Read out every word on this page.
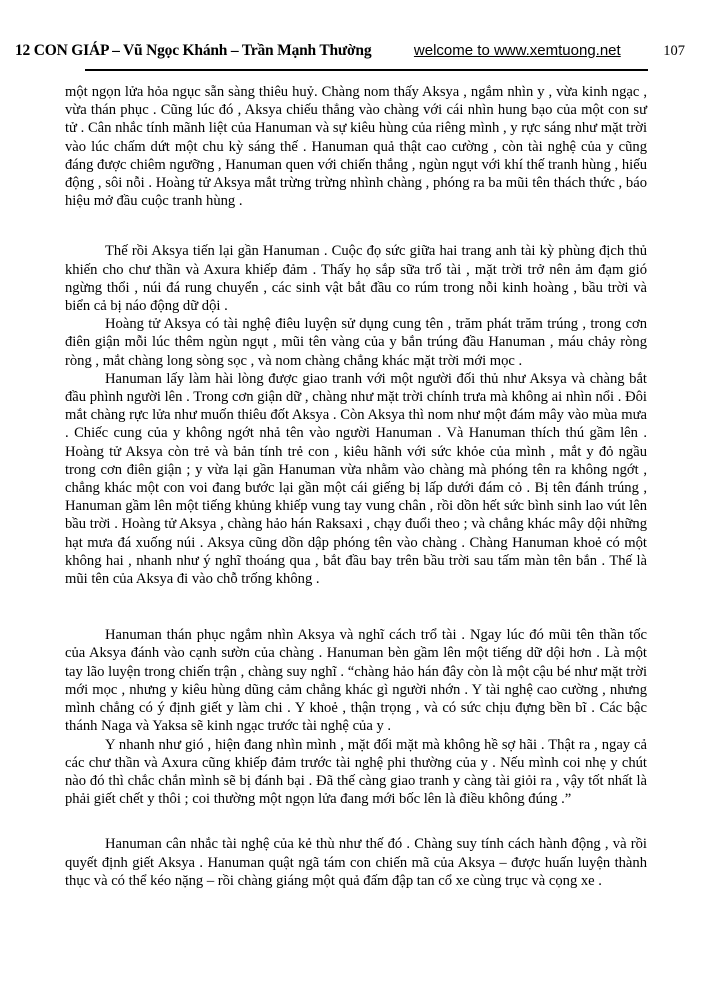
12 CON GIÁP – Vũ Ngọc Khánh – Trần Mạnh Thường	welcome to www.xemtuong.net	107

một ngọn lửa hỏa ngục sẵn sàng thiêu huỷ. Chàng nom thấy Aksya , ngắm nhìn y , vừa kinh ngạc , vừa thán phục . Cũng lúc đó , Aksya chiếu thẳng vào chàng với cái nhìn hung bạo của một con sư tử . Cân nhắc tính mãnh liệt của Hanuman và sự kiêu hùng của riêng mình , y rực sáng như mặt trời vào lúc chấm dứt một chu kỳ sáng thế . Hanuman quả thật cao cường , còn tài nghệ của y cũng đáng được chiêm ngưỡng , Hanuman quen với chiến thắng , ngùn ngụt với khí thế tranh hùng , hiếu động , sôi nỗi . Hoàng tử Aksya mắt trừng trừng nhình chàng , phóng ra ba mũi tên thách thức , báo hiệu mở đầu cuộc tranh hùng .

Thế rồi Aksya tiến lại gần Hanuman . Cuộc đọ sức giữa hai trang anh tài kỳ phùng địch thủ khiến cho chư thần và Axura khiếp đảm . Thấy họ sắp sữa trổ tài , mặt trời trở nên ảm đạm gió ngừng thổi , núi đá rung chuyển , các sinh vật bắt đầu co rúm trong nỗi kinh hoàng , bầu trời và biển cả bị náo động dữ dội .

Hoàng tử Aksya có tài nghệ điêu luyện sử dụng cung tên , trăm phát trăm trúng , trong cơn điên giận mỗi lúc thêm ngùn ngụt , mũi tên vàng của y bắn trúng đầu Hanuman , máu chảy ròng ròng , mắt chàng long sòng sọc , và nom chàng chẳng khác mặt trời mới mọc .

Hanuman lấy làm hài lòng được giao tranh với một người đối thủ như Aksya và chàng bắt đầu phình người lên . Trong cơn giận dữ , chàng như mặt trời chính trưa mà không ai nhìn nổi . Đôi mắt chàng rực lửa như muốn thiêu đốt Aksya . Còn Aksya thì nom như một đám mây vào mùa mưa . Chiếc cung của y không ngớt nhả tên vào người Hanuman . Và Hanuman thích thú gầm lên . Hoàng tử Aksya còn trẻ và bản tính trẻ con , kiêu hãnh với sức khỏe của mình , mắt y đỏ ngầu trong cơn điên giận ; y vừa lại gần Hanuman vừa nhằm vào chàng mà phóng tên ra không ngớt , chẳng khác một con voi đang bước lại gần một cái giếng bị lấp dưới đám cỏ . Bị tên đánh trúng , Hanuman gầm lên một tiếng khủng khiếp vung tay vung chân , rồi dồn hết sức bình sinh lao vút lên bầu trời . Hoàng tử Aksya , chàng hảo hán Raksaxi , chạy đuổi theo ; và chẳng khác mây dội những hạt mưa đá xuống núi . Aksya cũng dồn dập phóng tên vào chàng . Chàng Hanuman khoẻ có một không hai , nhanh như ý nghĩ thoáng qua , bắt đầu bay trên bầu trời sau tấm màn tên bắn . Thế là mũi tên của Aksya đi vào chỗ trống không .

Hanuman thán phục ngắm nhìn Aksya và nghĩ cách trổ tài . Ngay lúc đó mũi tên thần tốc của Aksya đánh vào cạnh sườn của chàng . Hanuman bèn gầm lên một tiếng dữ dội hơn . Là một tay lão luyện trong chiến trận , chàng suy nghĩ . “chàng hảo hán đây còn là một cậu bé như mặt trời mới mọc , nhưng y kiêu hùng dũng cảm chẳng khác gì người nhớn . Y tài nghệ cao cường , nhưng mình chẳng có ý định giết y làm chi . Y khoẻ , thận trọng , và có sức chịu đựng bền bĩ . Các bậc thánh Naga và Yaksa sẽ kinh ngạc trước tài nghệ của y .

Y nhanh như gió , hiện đang nhìn mình , mặt đối mặt mà không hề sợ hãi . Thật ra , ngay cả các chư thần và Axura cũng khiếp đảm trước tài nghệ phi thường của y . Nếu mình coi nhẹ y chút nào đó thì chắc chắn mình sẽ bị đánh bại . Đã thế càng giao tranh y càng tài giỏi ra , vậy tốt nhất là phải giết chết y thôi ; coi thường một ngọn lửa đang mới bốc lên là điều không đúng .”

Hanuman cân nhắc tài nghệ của kẻ thù như thế đó . Chàng suy tính cách hành động , và rồi quyết định giết Aksya . Hanuman quật ngã tám con chiến mã của Aksya – được huấn luyện thành thục và có thể kéo nặng – rồi chàng giáng một quả đấm đập tan cổ xe cùng trục và cọng xe .
